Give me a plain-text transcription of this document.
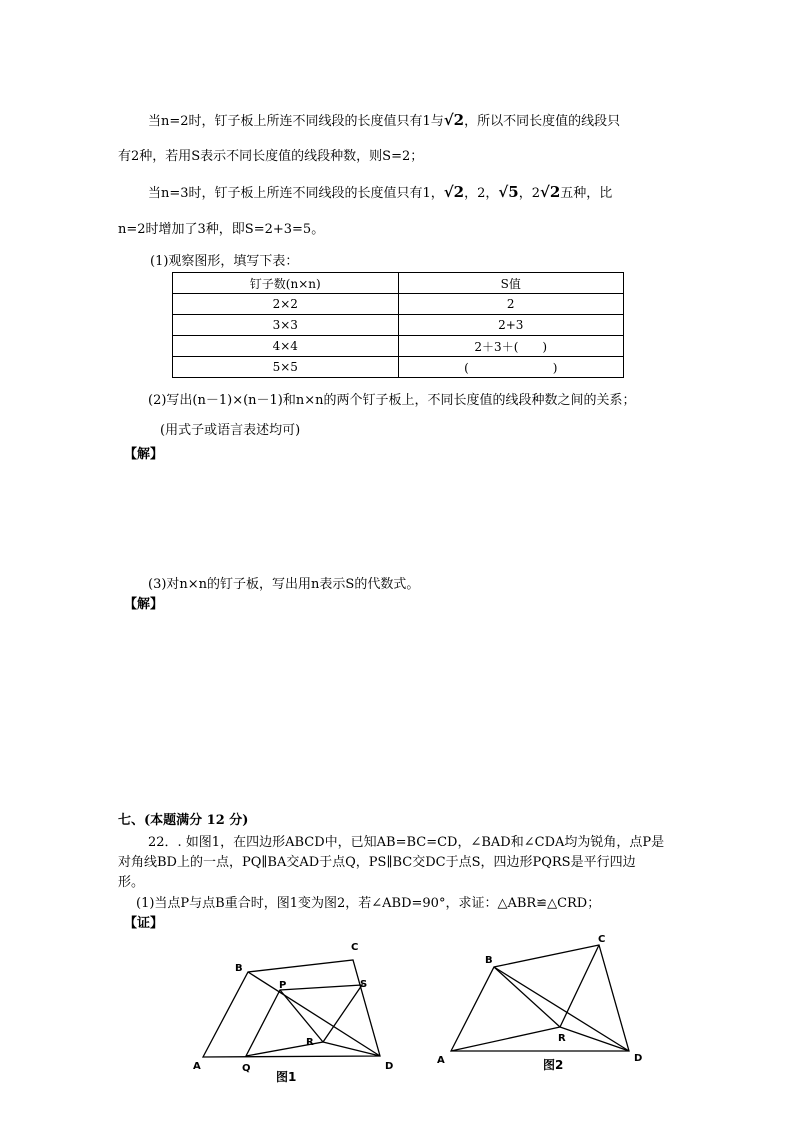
当n=2时，钉子板上所连不同线段的长度值只有1与√2，所以不同长度值的线段只
有2种，若用S表示不同长度值的线段种数，则S=2；
当n=3时，钉子板上所连不同线段的长度值只有1，√2，2，√5，2√2五种，比
n=2时增加了3种，即S=2+3=5。
(1)观察图形，填写下表：
钉子数(n×n)	S值
2×2	2
3×3	2+3
4×4	2＋3＋(　　)
5×5	(　　　　　　　)
(2)写出(n－1)×(n－1)和n×n的两个钉子板上，不同长度值的线段种数之间的关系；
(用式子或语言表述均可)
【解】
(3)对n×n的钉子板，写出用n表示S的代数式。
【解】
七、(本题满分 12 分)
22．. 如图1，在四边形ABCD中，已知AB=BC=CD，∠BAD和∠CDA均为锐角，点P是
对角线BD上的一点，PQ∥BA交AD于点Q，PS∥BC交DC于点S，四边形PQRS是平行四边
形。
(1)当点P与点B重合时，图1变为图2，若∠ABD=90°，求证：△ABR≌△CRD；
【证】
A
B
C
D
P
Q
R
S
图1
A
B
C
D
R
图2
